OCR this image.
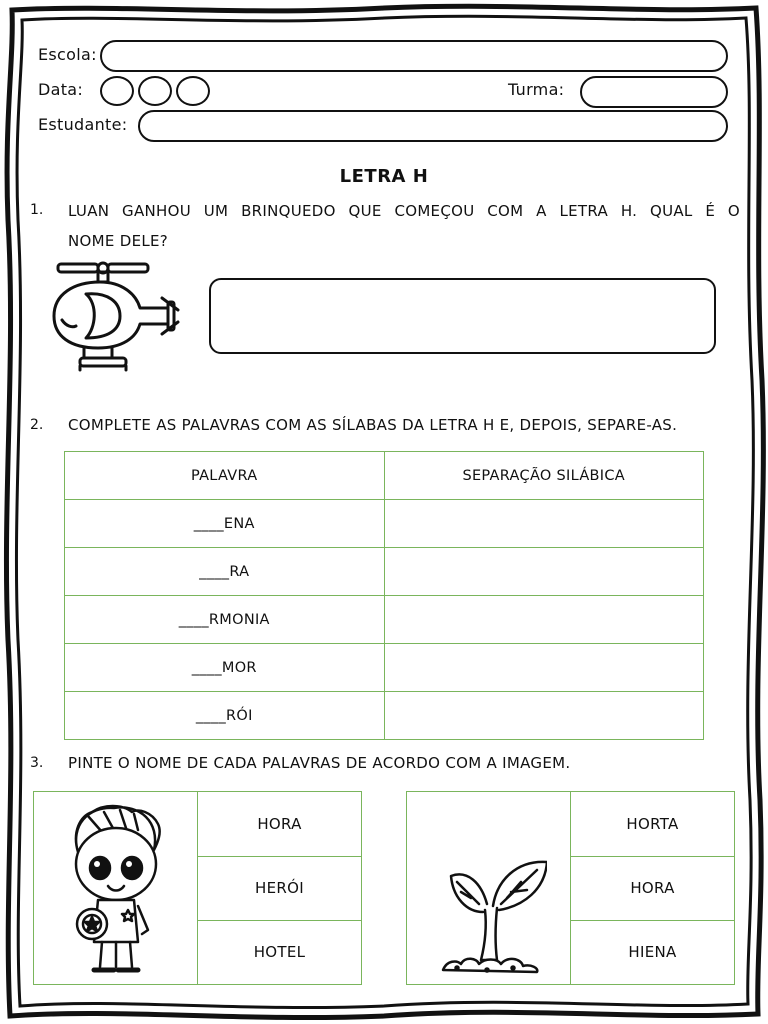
Escola:
Data:	Turma:
Estudante:
LETRA H
1. LUAN GANHOU UM BRINQUEDO QUE COMEÇOU COM A LETRA H. QUAL É O
NOME DELE?
2. COMPLETE AS PALAVRAS COM AS SÍLABAS DA LETRA H E, DEPOIS, SEPARE-AS.
PALAVRA	SEPARAÇÃO SILÁBICA
____ENA	
____RA	
____RMONIA	
____MOR	
____RÓI	
3. PINTE O NOME DE CADA PALAVRAS DE ACORDO COM A IMAGEM.
HORA
HERÓI
HOTEL
HORTA
HORA
HIENA
